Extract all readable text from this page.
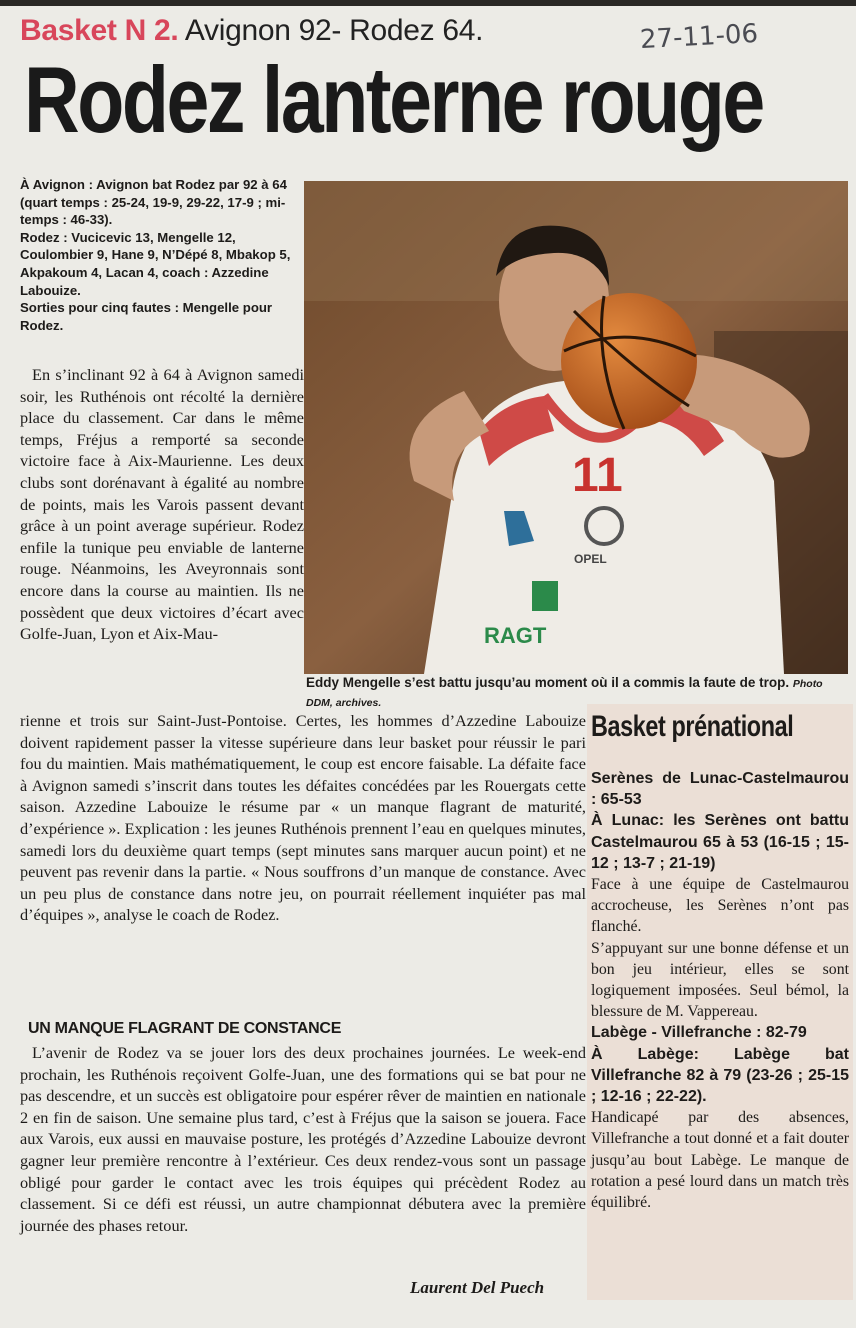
Basket N 2. Avignon 92- Rodez 64.	27-11-06
Rodez lanterne rouge

À Avignon : Avignon bat Rodez par 92 à 64 (quart temps : 25-24, 19-9, 29-22, 17-9 ; mi-temps : 46-33).

Rodez : Vucicevic 13, Mengelle 12, Coulombier 9, Hane 9, N’Dépé 8, Mbakop 5, Akpakoum 4, Lacan 4, coach : Azzedine Labouize.

Sorties pour cinq fautes : Mengelle pour Rodez.

11
OPEL
RAGT
Eddy Mengelle s’est battu jusqu’au moment où il a commis la faute de trop. Photo DDM, archives.

En s’inclinant 92 à 64 à Avignon samedi soir, les Ruthénois ont récolté la dernière place du classement. Car dans le même temps, Fréjus a remporté sa seconde victoire face à Aix-Maurienne. Les deux clubs sont dorénavant à égalité au nombre de points, mais les Varois passent devant grâce à un point average supérieur. Rodez enfile la tunique peu enviable de lanterne rouge. Néanmoins, les Aveyronnais sont encore dans la course au maintien. Ils ne possèdent que deux victoires d’écart avec Golfe-Juan, Lyon et Aix-Mau-

rienne et trois sur Saint-Just-Pontoise. Certes, les hommes d’Azzedine Labouize doivent rapidement passer la vitesse supérieure dans leur basket pour réussir le pari fou du maintien. Mais mathématiquement, le coup est encore faisable. La défaite face à Avignon samedi s’inscrit dans toutes les défaites concédées par les Rouergats cette saison. Azzedine Labouize le résume par « un manque flagrant de maturité, d’expérience ». Explication : les jeunes Ruthénois prennent l’eau en quelques minutes, samedi lors du deuxième quart temps (sept minutes sans marquer aucun point) et ne peuvent pas revenir dans la partie. « Nous souffrons d’un manque de constance. Avec un peu plus de constance dans notre jeu, on pourrait réellement inquiéter pas mal d’équipes », analyse le coach de Rodez.

UN MANQUE FLAGRANT DE CONSTANCE

L’avenir de Rodez va se jouer lors des deux prochaines journées. Le week-end prochain, les Ruthénois reçoivent Golfe-Juan, une des formations qui se bat pour ne pas descendre, et un succès est obligatoire pour espérer rêver de maintien en nationale 2 en fin de saison. Une semaine plus tard, c’est à Fréjus que la saison se jouera. Face aux Varois, eux aussi en mauvaise posture, les protégés d’Azzedine Labouize devront gagner leur première rencontre à l’extérieur. Ces deux rendez-vous sont un passage obligé pour garder le contact avec les trois équipes qui précèdent Rodez au classement. Si ce défi est réussi, un autre championnat débutera avec la première journée des phases retour.

Laurent Del Puech
Basket prénational

Serènes de Lunac-Castelmaurou : 65-53

À Lunac: les Serènes ont battu Castelmaurou 65 à 53 (16-15 ; 15-12 ; 13-7 ; 21-19)

Face à une équipe de Castelmaurou accrocheuse, les Serènes n’ont pas flanché.

S’appuyant sur une bonne défense et un bon jeu intérieur, elles se sont logiquement imposées. Seul bémol, la blessure de M. Vappereau.

Labège - Villefranche : 82-79

À Labège: Labège bat Villefranche 82 à 79 (23-26 ; 25-15 ; 12-16 ; 22-22).

Handicapé par des absences, Villefranche a tout donné et a fait douter jusqu’au bout Labège. Le manque de rotation a pesé lourd dans un match très équilibré.
